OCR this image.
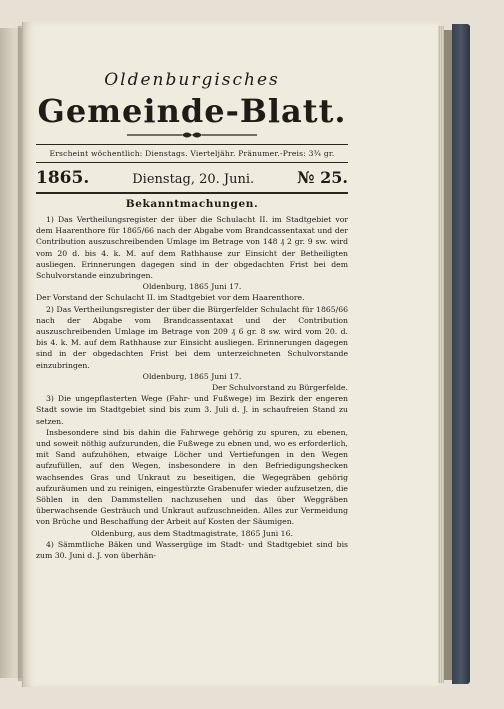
Oldenburgisches
Gemeinde-Blatt.
Erscheint wöchentlich: Dienstags. Vierteljähr. Pränumer.-Preis: 3¾ gr.
1865.	Dienstag, 20. Juni.	№ 25.
Bekanntmachungen.

1) Das Vertheilungsregister der über die Schulacht II. im Stadtgebiet vor dem Haarenthore für 1865/66 nach der Abgabe vom Brandcassentaxat und der Contribution auszuschreibenden Umlage im Betrage von 148 ₰ 2 gr. 9 sw. wird vom 20 d. bis 4. k. M. auf dem Rathhause zur Einsicht der Betheiligten ausliegen. Erinnerungen dagegen sind in der obgedachten Frist bei dem Schulvorstande einzubringen.

Oldenburg, 1865 Juni 17.

Der Vorstand der Schulacht II. im Stadtgebiet vor dem Haarenthore.

2) Das Vertheilungsregister der über die Bürgerfelder Schulacht für 1865/66 nach der Abgabe vom Brandcassentaxat und der Contribution auszuschreibenden Umlage im Betrage von 209 ₰ 6 gr. 8 sw. wird vom 20. d. bis 4. k. M. auf dem Rathhause zur Einsicht ausliegen. Erinnerungen dagegen sind in der obgedachten Frist bei dem unterzeichneten Schulvorstande einzubringen.

Oldenburg, 1865 Juni 17.

Der Schulvorstand zu Bürgerfelde.

3) Die ungepflasterten Wege (Fahr- und Fußwege) im Bezirk der engeren Stadt sowie im Stadtgebiet sind bis zum 3. Juli d. J. in schaufreien Stand zu setzen.

Insbesondere sind bis dahin die Fahrwege gehörig zu spuren, zu ebenen, und soweit nöthig aufzurunden, die Fußwege zu ebnen und, wo es erforderlich, mit Sand aufzuhöhen, etwaige Löcher und Vertiefungen in den Wegen aufzufüllen, auf den Wegen, insbesondere in den Befriedigungshecken wachsendes Gras und Unkraut zu beseitigen, die Wegegräben gehörig aufzuräumen und zu reinigen, eingestürzte Grabenufer wieder aufzusetzen, die Söhlen in den Dammstellen nachzusehen und das über Weggräben überwachsende Gesträuch und Unkraut aufzuschneiden. Alles zur Vermeidung von Brüche und Beschaffung der Arbeit auf Kosten der Säumigen.

Oldenburg, aus dem Stadtmagistrate, 1865 Juni 16.

4) Sämmtliche Bäken und Wassergüge im Stadt- und Stadtgebiet sind bis zum 30. Juni d. J. von überhän-
